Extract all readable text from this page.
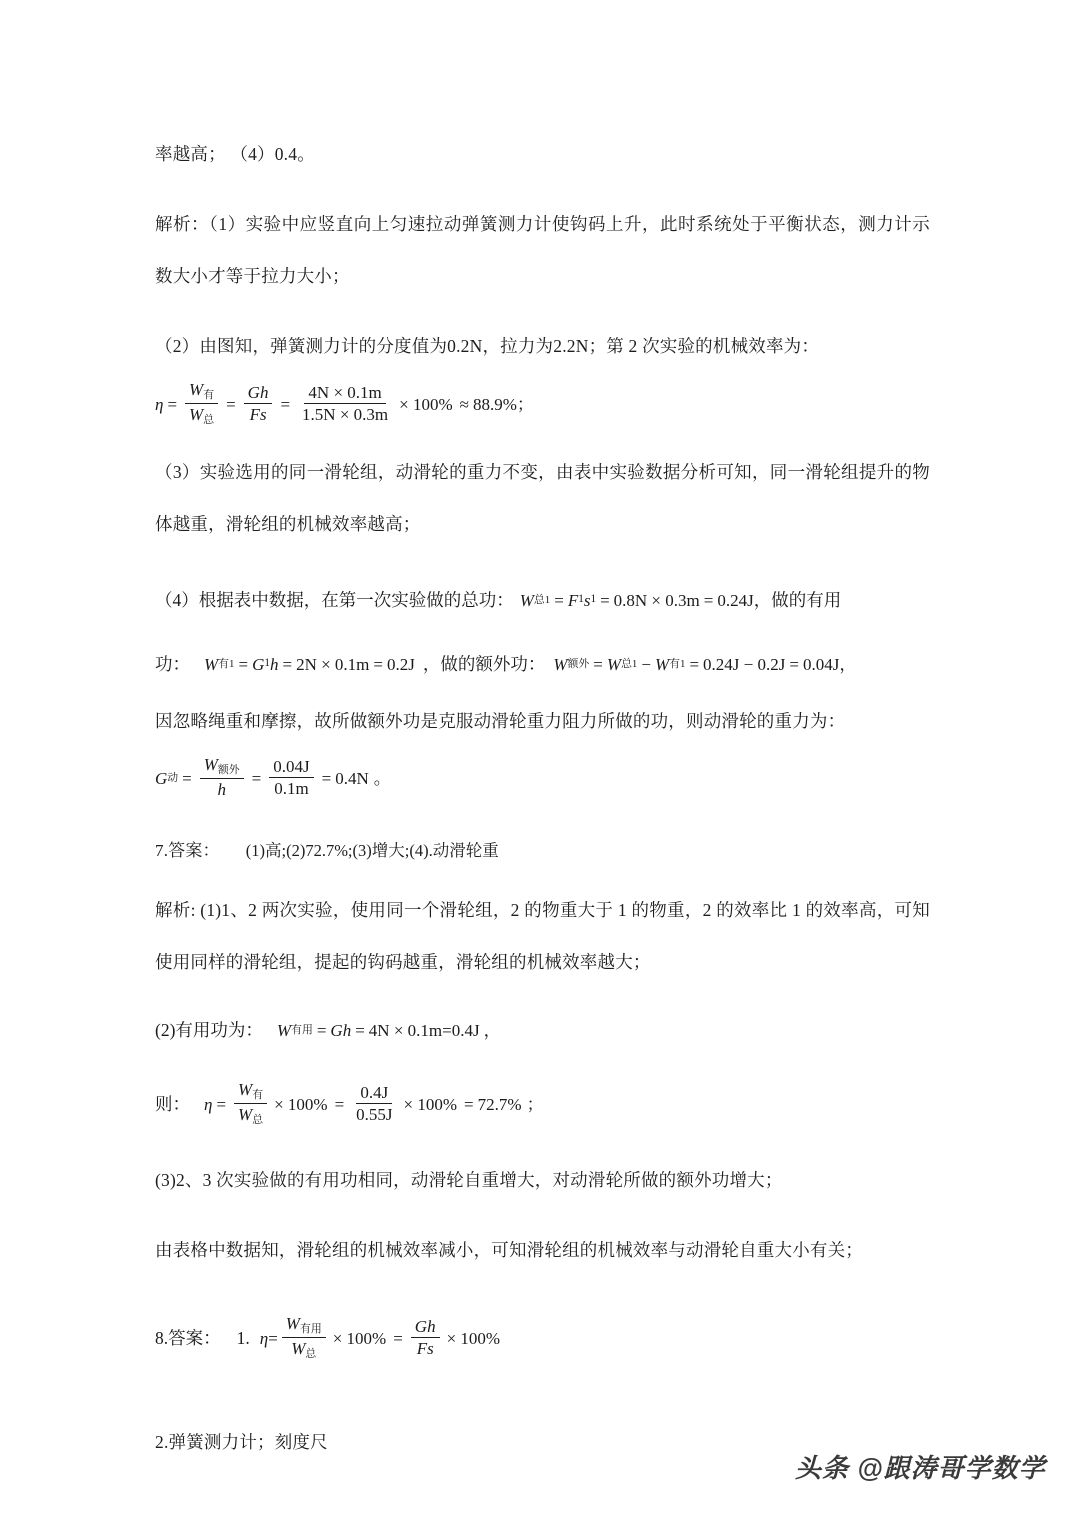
率越高； （4）0.4。

解析：（1）实验中应竖直向上匀速拉动弹簧测力计使钩码上升，此时系统处于平衡状态，测力计示数大小才等于拉力大小；

（2）由图知，弹簧测力计的分度值为0.2N，拉力为2.2N；第 2 次实验的机械效率为：

$\eta = \frac{W_有}{W_总} = \frac{Gh}{Fs} = \frac{4N \times 0.1m}{1.5N \times 0.3m} \times 100\% \approx 88.9\%$ ；

（3）实验选用的同一滑轮组，动滑轮的重力不变，由表中实验数据分析可知，同一滑轮组提升的物体越重，滑轮组的机械效率越高；

（4）根据表中数据，在第一次实验做的总功： W 总1 = F 1 s 1 = 0.8N × 0.3m = 0.24J ，做的有用
功： W 有1 = G 1 h = 2N × 0.1m = 0.2J ，做的额外功： W 额外 = W 总1 − W 有1 = 0.24J − 0.2J = 0.04J ，

因忽略绳重和摩擦，故所做额外功是克服动滑轮重力阻力所做的功，则动滑轮的重力为：

G 动 = $\frac{W_{额外}}{h} = \frac{0.04J}{0.1m} = 0.4N$ 。
7.答案： (1)高;(2)72.7%;(3)增大;(4).动滑轮重

解析: (1)1、2 两次实验，使用同一个滑轮组，2 的物重大于 1 的物重，2 的效率比 1 的效率高，可知使用同样的滑轮组，提起的钩码越重，滑轮组的机械效率越大；

(2)有用功为： W 有用 = Gh = 4N × 0.1m=0.4J ，
则： $\eta = \frac{W_有}{W_总} \times 100\% = \frac{0.4J}{0.55J} \times 100\% = 72.7\%$ ；

(3)2、3 次实验做的有用功相同，动滑轮自重增大，对动滑轮所做的额外功增大；

由表格中数据知，滑轮组的机械效率减小，可知滑轮组的机械效率与动滑轮自重大小有关；

8.答案： 1. $\eta = \frac{W_{有用}}{W_总} \times 100\% = \frac{Gh}{Fs} \times 100\%$

2.弹簧测力计；刻度尺

头条 @跟涛哥学数学
